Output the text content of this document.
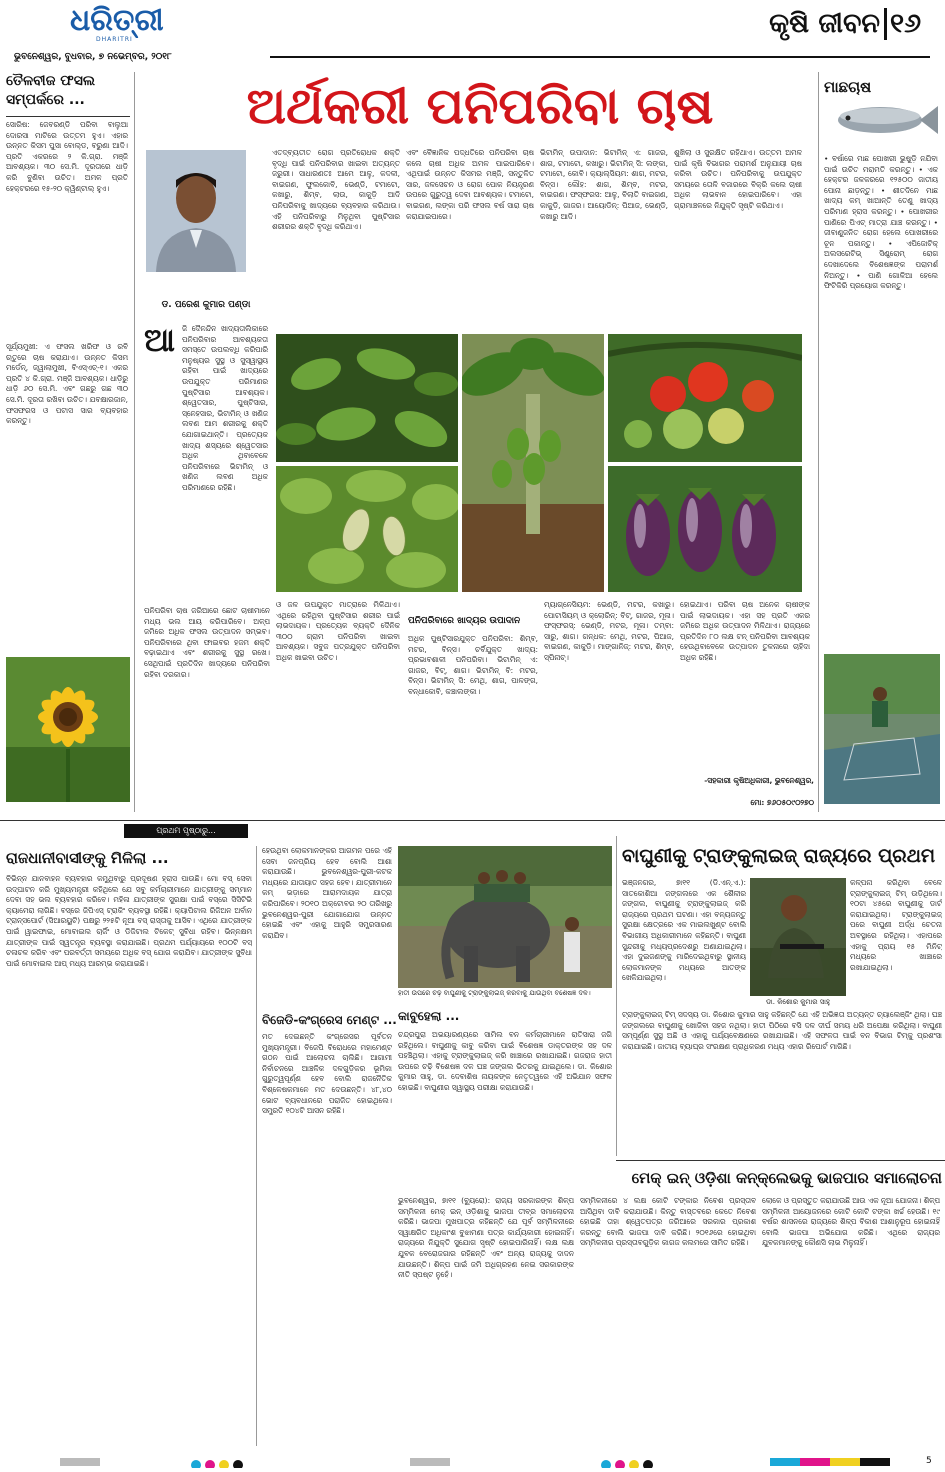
ଧରିତ୍ରୀ
DHARITRI
କୃଷି ଜୀବନ ୧୬
ଭୁବନେଶ୍ୱର, ବୁଧବାର, ୭ ନଭେମ୍ବର, ୨୦୧୮
ତୈଳବୀଜ ଫସଲ
ସମ୍ପର୍କରେ ...
ସୋରିଷ: ଜେବରଣ୍ଡି ପରିବା ବାଲୁଆ ଦୋରସା ମାଟିରେ ଉତ୍ତମ ହୁଏ। ଏହାର ଉନ୍ନତ କିସମ ପୁସା ବୋଲ୍ଡ, ବରୁଣା ଆଦି। ପ୍ରତି ଏକରରେ ୨ କି.ଗ୍ରା. ମଞ୍ଜି ଆବଶ୍ୟକ। ୩୦ ସେ.ମି. ଦୂରତାରେ ଧାଡ଼ି କରି ବୁଣିବା ଉଚିତ। ଅମଳ ପ୍ରତି ହେକ୍ଟରରେ ୧୫-୨୦ କ୍ୱିଣ୍ଟାଲ୍ ହୁଏ।
ସୂର୍ଯ୍ୟମୁଖୀ: ଏ ଫସଲ ଖରିଫ ଓ ରବି ଋତୁରେ ଚାଷ କରାଯାଏ। ଉନ୍ନତ କିସମ ମର୍ଡେନ୍, ଜ୍ୱାଲାମୁଖୀ, ବିଏସ୍‌ଏଚ୍-୧। ଏକର ପ୍ରତି ୪ କି.ଗ୍ରା. ମଞ୍ଜି ଆବଶ୍ୟକ। ଧାଡ଼ିରୁ ଧାଡ଼ି ୬୦ ସେ.ମି. ଏବଂ ଗଛରୁ ଗଛ ୩୦ ସେ.ମି. ଦୂରତା ରଖିବା ଉଚିତ। ଯବକ୍ଷାରଜାନ, ଫସଫରସ ଓ ପଟାସ ସାର ବ୍ୟବହାର କରନ୍ତୁ।
ଅର୍ଥକରୀ ପନିପରିବା ଚାଷ
ଡ. ପରେଶ କୁମାର ପଣ୍ଡା
ଏତଦ୍ବ୍ୟତୀତ ରୋଗ ପ୍ରତିରୋଧକ ଶକ୍ତି ବୃଦ୍ଧି ପାଇଁ ପନିପରିବାର ଖାଇବା ଅତ୍ୟନ୍ତ ଜରୁରୀ। ସାଧାରଣତଃ ଆମେ ଆଳୁ, କଦଳୀ, ବାଇଗଣ, ଫୁଲକୋବି, ଭେଣ୍ଡି, ଟମାଟୋ, କଖାରୁ, ଶିମ୍ବ, ଲାଉ, କାକୁଡ଼ି ଆଦି ପନିପରିବାକୁ ଖାଦ୍ୟରେ ବ୍ୟବହାର କରିଥାଉ। ଏହି ପନିପରିବାରୁ ମିଳୁଥିବା ପୁଷ୍ଟିସାର ଶରୀରର ଶକ୍ତି ବୃଦ୍ଧି କରିଥାଏ।
ଏବଂ ବୈଜ୍ଞାନିକ ପଦ୍ଧତିରେ ପନିପରିବା ଚାଷ କଲେ ଚାଷୀ ଅଧିକ ଅମଳ ପାଇପାରିବେ। ଏଥିପାଇଁ ଉନ୍ନତ କିସମର ମଞ୍ଜି, ସନ୍ତୁଳିତ ସାର, ଜଳସେଚନ ଓ ରୋଗ ପୋକ ନିୟନ୍ତ୍ରଣ ଉପରେ ଗୁରୁତ୍ୱ ଦେବା ଆବଶ୍ୟକ। ଟମାଟୋ, ବାଇଗଣ, ଲଙ୍କା ପରି ଫସଲ ବର୍ଷ ସାରା ଚାଷ କରାଯାଇପାରେ।
ଭିଟାମିନ୍ ଉପାଦାନ: ଭିଟାମିନ୍ ଏ: ଗାଜର, ଶାଗ, ଟମାଟୋ, କଖାରୁ। ଭିଟାମିନ୍ ସି: ଲଙ୍କା, ଟମାଟୋ, କୋବି। କ୍ୟାଲ୍‌ସିୟମ: ଶାଗ, ମଟର, ବିନ୍ସ। ଲୌହ: ଶାଗ, ଶିମ୍ବ, ମଟର, ବାଇଗଣ। ଫସ୍‌ଫରସ: ଆଳୁ, ବିଲାତି ବାଇଗଣ, କାକୁଡ଼ି, ଗାଜର। ଆୟୋଡିନ୍: ପିଆଜ, ଭେଣ୍ଡି, କଖାରୁ ଆଦି।
ଶୁଖିଲା ଓ ସୁରକ୍ଷିତ ରହିଥାଏ। ଉତ୍ତମ ଅମଳ ପାଇଁ କୃଷି ବିଭାଗର ପରାମର୍ଶ ଅନୁଯାୟୀ ଚାଷ କରିବା ଉଚିତ। ପନିପରିବାକୁ ଉପଯୁକ୍ତ ସମୟରେ ତୋଳି ବଜାରରେ ବିକ୍ରି କଲେ ଚାଷୀ ଅଧିକ ଲାଭବାନ ହୋଇପାରିବେ। ଏହା ଗ୍ରାମାଞ୍ଚଳରେ ନିଯୁକ୍ତି ସୃଷ୍ଟି କରିଥାଏ।
ଆ ଜି ଦୈନନ୍ଦିନ ଖାଦ୍ୟତାଲିକାରେ ପନିପରିବାର ଆବଶ୍ୟକତା ସମସ୍ତେ ଉପଲବ୍ଧି କରିପାରି ମନୁଷ୍ୟର ସୁସ୍ଥ ଓ ସୁସ୍ୱାସ୍ଥ୍ୟ ରହିବା ପାଇଁ ଖାଦ୍ୟରେ ଉପଯୁକ୍ତ ପରିମାଣର ପୁଷ୍ଟିସାର ଆବଶ୍ୟକ। ଶ୍ୱେତସାର, ପୁଷ୍ଟିସାର, ସ୍ନେହସାର, ଭିଟାମିନ୍ ଓ ଖଣିଜ ଲବଣ ଆମ ଶରୀରକୁ ଶକ୍ତି ଯୋଗାଇଥାନ୍ତି। ପ୍ରତ୍ୟେକ ଖାଦ୍ୟ ଶସ୍ୟରେ ଶ୍ୱେତସାର ଅଧିକ ଥିବାବେଳେ ପନିପରିବାରେ ଭିଟାମିନ୍ ଓ ଖଣିଜ ଲବଣ ଅଧିକ ପରିମାଣରେ ରହିଛି।
ପନିପରିବା ଚାଷ ଜରିଆରେ ଛୋଟ ଚାଷୀମାନେ ମଧ୍ୟ ଭଲ ଆୟ କରିପାରିବେ। ଅଳ୍ପ ଜମିରେ ଅଧିକ ଫସଲ ଉତ୍ପାଦନ ସମ୍ଭବ। ପନିପରିବାରେ ଥିବା ଫାଇବର ହଜମ ଶକ୍ତି ବଢ଼ାଇଥାଏ ଏବଂ ଶରୀରକୁ ସୁସ୍ଥ ରଖେ। ସେଥିପାଇଁ ପ୍ରତିଦିନ ଖାଦ୍ୟରେ ପନିପରିବା ରହିବା ଦରକାର।
ଓ ଜଳ ଉପଯୁକ୍ତ ମାତ୍ରାରେ ମିଳିଥାଏ। ଏଥିରେ ରହିଥିବା ପୁଷ୍ଟିସାର ଶରୀର ପାଇଁ ଲାଭଦାୟକ। ପ୍ରତ୍ୟେକ ବ୍ୟକ୍ତି ଦୈନିକ ୩୦୦ ଗ୍ରାମ ପନିପରିବା ଖାଇବା ଆବଶ୍ୟକ। ସବୁଜ ପତ୍ରଯୁକ୍ତ ପନିପରିବା ଅଧିକ ଖାଇବା ଉଚିତ।
ପନିପରିବାରେ ଖାଦ୍ୟର ଉପାଦାନ
ଅଧିକ ପୁଷ୍ଟିସାରଯୁକ୍ତ ପନିପରିବା: ଶିମ୍ବ, ମଟର, ବିନ୍ସ। ଚର୍ବିଯୁକ୍ତ ଖାଦ୍ୟ: ପ୍ରଭାବଶାଳୀ ପନିପରିବା। ଭିଟାମିନ୍ ଏ: ଗାଜର, ବିଟ୍, ଶାଗ। ଭିଟାମିନ୍ ବି: ମଟର, ବିନ୍ସ। ଭିଟାମିନ୍ ସି: ମେଥି, ଶାଗ, ପାଳଙ୍ଗ, ବନ୍ଧାକୋବି, କଞ୍ଚାଲଙ୍କା।
ମ୍ୟାଗ୍ନେସିୟମ: ଭେଣ୍ଡି, ମଟର, କଖାରୁ। ପୋଟାସିୟମ୍ ଓ କ୍ଲୋରିନ୍: ବିଟ୍, ଗାଜର, ମୂଳା। ଫସ୍‌ଫରସ୍: ଭେଣ୍ଡି, ମଟର, ମୂଳା। ତମ୍ବା: ସାରୁ, ଶାଗ। ଗନ୍ଧକ: ମେଥି, ମଟର, ପିଆଜ, ବାଇଗଣ, କାକୁଡ଼ି। ମାଙ୍ଗାନିଜ୍: ମଟର, ଶିମ୍ବ, ସ୍ପିନାଚ୍।
ହୋଇଥାଏ। ପରିବା ଚାଷ ଅନେକ ଚାଷୀଙ୍କ ପାଇଁ ଲାଭଦାୟକ। ଏହା ସହ ପ୍ରତି ଏକର ଜମିରେ ଅଧିକ ଉତ୍ପାଦନ ମିଳିଥାଏ। ରାଜ୍ୟରେ ପ୍ରତିଦିନ ୮୦ ଲକ୍ଷ ଟନ୍ ପନିପରିବା ଆବଶ୍ୟକ ହେଉଥିବାବେଳେ ଉତ୍ପାଦନ ତୁଳନାରେ ଚାହିଦା ଅଧିକ ରହିଛି।
-ସହକାରୀ କୃଷିଅଧିକାରୀ, ଭୁବନେଶ୍ୱର,
ମୋ: ୭୬୦୫୦୯୦୨୭୦
ମାଛଚାଷ
• ବର୍ଷାରେ ମାଛ ପୋଖରୀ ଭୁଷୁଡ଼ି ନଯିବା ପାଇଁ ଉଚିତ ମରାମତି କରନ୍ତୁ। • ଏକ ହେକ୍ଟର ଜଳକରରେ ୧୨୫୦୦ ଜାତୀୟ ପୋନା ଛାଡ଼ନ୍ତୁ। • ଶୀତଦିନେ ମାଛ ଖାଦ୍ୟ କମ୍ ଖାଆନ୍ତି ତେଣୁ ଖାଦ୍ୟ ପରିମାଣ ହ୍ରାସ କରନ୍ତୁ। • ପୋଖରୀର ପାଣିରେ ପିଏଚ୍ ମାତ୍ରା ଯାଞ୍ଚ କରନ୍ତୁ। • ଜୀବାଣୁଜନିତ ରୋଗ ହେଲେ ପୋଖରୀରେ ଚୂନ ପକାନ୍ତୁ। • ଏପିଜୋଟିକ୍ ଅଲସରେଟିଭ୍ ସିଣ୍ଡ୍ରୋମ୍ ରୋଗ ଦେଖାଦେଲେ ବିଶେଷଜ୍ଞଙ୍କ ପରାମର୍ଶ ନିଅନ୍ତୁ। • ପାଣି ଗୋଳିଆ ହେଲେ ଫିଟିକିରି ପ୍ରୟୋଗ କରନ୍ତୁ।
ପ୍ରଥମ ପୃଷ୍ଠାରୁ...
ରାଜଧାନୀବାସୀଙ୍କୁ ମିଳିଲା ...
ବିଭିନ୍ନ ଯାନବାହନ ବ୍ୟବହାର କମୁଥିବାରୁ ପ୍ରଦୂଷଣ ହ୍ରାସ ପାଉଛି। ମୋ ବସ୍ ସେବା ଉଦ୍‌ଘାଟନ କରି ମୁଖ୍ୟମନ୍ତ୍ରୀ କହିଥିଲେ ଯେ ସବୁ କର୍ମଚାରୀମାନେ ଯାତ୍ରୀଙ୍କୁ ସମ୍ମାନ ଦେବା ସହ ଭଲ ବ୍ୟବହାର କରିବେ। ମହିଳା ଯାତ୍ରୀଙ୍କ ସୁରକ୍ଷା ପାଇଁ ବସ୍‌ରେ ସିସିଟିଭି କ୍ୟାମେରା ଲାଗିଛି। ବସ୍‌ରେ ଜିପିଏସ୍ ଟ୍ରାକିଂ ବ୍ୟବସ୍ଥା ରହିଛି। କ୍ୟାପିଟାଲ ରିଜିଅନ ଅର୍ବାନ ଟ୍ରାନ୍ସପୋର୍ଟ (ସିଆରୟୁଟି) ପକ୍ଷରୁ ୨୨୫ଟି ନୂଆ ବସ୍ ରାସ୍ତାକୁ ଆସିବ। ଏଥିରେ ଯାତ୍ରୀଙ୍କ ପାଇଁ ୱାଇଫାଇ, ମୋବାଇଲ ଚାର୍ଜିଂ ଓ ଡିଜିଟାଲ ଟିକେଟ୍ ସୁବିଧା ରହିବ। ଭିନ୍ନକ୍ଷମ ଯାତ୍ରୀଙ୍କ ପାଇଁ ସ୍ୱତନ୍ତ୍ର ବ୍ୟବସ୍ଥା କରାଯାଇଛି। ପ୍ରଥମ ପର୍ଯ୍ୟାୟରେ ୧୦୦ଟି ବସ୍ ଚଳାଚଳ କରିବ ଏବଂ ପରବର୍ତ୍ତୀ ସମୟରେ ଅଧିକ ବସ୍ ଯୋଗ କରାଯିବ। ଯାତ୍ରୀଙ୍କ ସୁବିଧା ପାଇଁ ମୋବାଇଲ ଆପ୍ ମଧ୍ୟ ଆରମ୍ଭ କରାଯାଇଛି।
ହେଉଥିବା ଲୋକମାନଙ୍କର ଆଗମନ ପରେ ଏହି ସେବା ଜନପ୍ରିୟ ହେବ ବୋଲି ଆଶା କରାଯାଉଛି। ଭୁବନେଶ୍ୱର-ପୁରୀ-କଟକ ମଧ୍ୟରେ ଯାତାୟାତ ସହଜ ହେବ। ଯାତ୍ରୀମାନେ କମ୍ ଭଡ଼ାରେ ଆରାମଦାୟକ ଯାତ୍ରା କରିପାରିବେ। ୨୦୧୦ ଅକ୍ଟୋବର ୨୦ ତାରିଖରୁ ଭୁବନେଶ୍ୱର-ପୁରୀ ଯୋଗାଯୋଗ ଉନ୍ନତ ହୋଇଛି ଏବଂ ଏହାକୁ ଆହୁରି ସମ୍ପ୍ରସାରଣ କରାଯିବ।
ବିଜେଡି-କଂଗ୍ରେସ ମେଣ୍ଟ ...
ମତ ଦେଇଛନ୍ତି କଂଗ୍ରେସର ପୂର୍ବତନ ମୁଖ୍ୟମନ୍ତ୍ରୀ। ବିଜେପି ବିରୋଧରେ ମହାମେଣ୍ଟ ଗଠନ ପାଇଁ ଆଲୋଚନା ଚାଲିଛି। ଆଗାମୀ ନିର୍ବାଚନରେ ଆଞ୍ଚଳିକ ଦଳଗୁଡ଼ିକର ଭୂମିକା ଗୁରୁତ୍ୱପୂର୍ଣ୍ଣ ହେବ ବୋଲି ରାଜନୈତିକ ବିଶ୍ଳେଷକମାନେ ମତ ଦେଉଛନ୍ତି। ୪୮,୪୦ ଭୋଟ ବ୍ୟବଧାନରେ ପରାଜିତ ହୋଇଥିଲେ। ସମ୍ପ୍ରତି ୧୦୪ଟି ଆସନ ରହିଛି।
ହାତୀ ଉପରେ ଚଢ଼ି ବାଘୁଣୀକୁ ଟ୍ରାଙ୍କୁଲାଇଜ୍ କରିବାକୁ ଯାଉଥିବା ବିଶେଷଜ୍ଞ ଦଳ।
କାବୁହେଲା ...
ଚନ୍ଦ୍ରପୁରା ଅଭୟାରଣ୍ୟରେ ସାମିଲ ବନ କର୍ମଚାରୀମାନେ ରାତିସାରା ଜଗି ରହିଥିଲେ। ବାଘୁଣୀକୁ କାବୁ କରିବା ପାଇଁ ବିଶେଷଜ୍ଞ ଡାକ୍ତରଙ୍କ ସହ ଦଳ ପହଞ୍ଚିଥିଲା। ଏହାକୁ ଟ୍ରାଙ୍କୁଲାଇଜ୍ କରି ଖାଞ୍ଚାରେ ରଖାଯାଇଛି। ଗଜରାଜ ହାତୀ ଉପରେ ଚଢ଼ି ବିଶେଷଜ୍ଞ ଦଳ ଘଞ୍ଚ ଜଙ୍ଗଲ ଭିତରକୁ ଯାଇଥିଲେ। ଡା. କିଶୋର କୁମାର ସାହୁ, ଡା. ଦେବାଶିଷ ନାୟକଙ୍କ ନେତୃତ୍ୱରେ ଏହି ଅଭିଯାନ ସଫଳ ହୋଇଛି। ବାଘୁଣୀର ସ୍ୱାସ୍ଥ୍ୟ ପରୀକ୍ଷା କରାଯାଉଛି।
ବାଘୁଣୀକୁ ଟ୍ରାଙ୍କୁଲାଇଜ୍ ରାଜ୍ୟରେ ପ୍ରଥମ
ଭଞ୍ଜନଗର, ୭ା୧୧ (ଡି.ଏନ୍.ଏ.): ସାତକୋଶିଆ ଜଙ୍ଗଲରେ ଏକ ଶୈଳୀର ଜଙ୍ଗଲ, ବାଘୁଣୀକୁ ଟ୍ରାଙ୍କୁଲାଇଜ୍ କରି ରାଜ୍ୟରେ ପ୍ରଥମ ଘଟଣା। ଏହା ବନ୍ୟଜନ୍ତୁ ସୁରକ୍ଷା କ୍ଷେତ୍ରରେ ଏକ ମାଇଲଖୁଣ୍ଟ ବୋଲି ବିଭାଗୀୟ ଅଧିକାରୀମାନେ କହିଛନ୍ତି। ବାଘୁଣୀ ସୁନ୍ଦରୀକୁ ମଧ୍ୟପ୍ରଦେଶରୁ ଅଣାଯାଇଥିଲା। ଏହା ଦୁଇଜଣଙ୍କୁ ମାରିଦେଇଥିବାରୁ ସ୍ଥାନୀୟ ଲୋକମାନଙ୍କ ମଧ୍ୟରେ ଆତଙ୍କ ଖେଳିଯାଇଥିଲା।
ଡା. କିଶୋର କୁମାର ସାହୁ
କଳ୍ପନା କରିଥିବା ବେଳେ ଟ୍ରାଙ୍କୁଲାଇଜ୍ ଟିମ୍ ଉଡ଼ିଥିଲେ। ୧୦ଟା ୪୫ରେ ବାଘୁଣୀକୁ ଡାର୍ଟ କରାଯାଇଥିଲା। ଟ୍ରାଙ୍କୁଲାଇଜ୍ ପରେ ବାଘୁଣୀ ଅର୍ଦ୍ଧ ଚେତନା ଅବସ୍ଥାରେ ରହିଥିଲା। ଏହାପରେ ଏହାକୁ ପ୍ରାୟ ୧୫ ମିନିଟ୍ ମଧ୍ୟରେ ଖାଞ୍ଚାରେ ରଖାଯାଇଥିଲା।
ଟ୍ରାଙ୍କୁଲାଇଜ୍ ଟିମ୍ ସଦସ୍ୟ ଡା. କିଶୋର କୁମାର ସାହୁ କହିଛନ୍ତି ଯେ ଏହି ଅଭିଜ୍ଞତା ଅତ୍ୟନ୍ତ ଚ୍ୟାଲେଞ୍ଜିଂ ଥିଲା। ଘଞ୍ଚ ଜଙ୍ଗଲରେ ବାଘୁଣୀକୁ ଖୋଜିବା ସହଜ ନଥିଲା। ହାତୀ ପିଠିରେ ବସି ଦଳ ଦୀର୍ଘ ସମୟ ଧରି ଅପେକ୍ଷା କରିଥିଲା। ବାଘୁଣୀ ସମ୍ପୂର୍ଣ୍ଣ ସୁସ୍ଥ ଅଛି ଓ ଏହାକୁ ପର୍ଯ୍ୟବେକ୍ଷଣରେ ରଖାଯାଇଛି। ଏହି ସଫଳତା ପାଇଁ ବନ ବିଭାଗ ଟିମ୍‌କୁ ପ୍ରଶଂସା କରାଯାଇଛି। ଜାତୀୟ ବ୍ୟାଘ୍ର ସଂରକ୍ଷଣ ପ୍ରାଧିକରଣ ମଧ୍ୟ ଏହାର ରିପୋର୍ଟ ମାଗିଛି।
ମେକ୍ ଇନ୍ ଓଡ଼ିଶା କନ୍‌କ୍ଲେଭକୁ ଭାଜପାର ସମାଲୋଚନା
ଭୁବନେଶ୍ୱର, ୭ା୧୧ (ବ୍ୟୁରୋ): ରାଜ୍ୟ ସରକାରଙ୍କ ଶିଳ୍ପ ସମ୍ମିଳନୀ ମେକ୍ ଇନ୍ ଓଡ଼ିଶାକୁ ଭାଜପା ତୀବ୍ର ସମାଲୋଚନା କରିଛି। ଭାଜପା ମୁଖପାତ୍ର କହିଛନ୍ତି ଯେ ପୂର୍ବ ସମ୍ମିଳନୀରେ ସ୍ୱାକ୍ଷରିତ ଅଧିକାଂଶ ବୁଝାମଣା ପତ୍ର କାର୍ଯ୍ୟକାରୀ ହୋଇନାହିଁ। ରାଜ୍ୟରେ ନିଯୁକ୍ତି ସୁଯୋଗ ସୃଷ୍ଟି ହୋଇପାରିନାହିଁ। ଲକ୍ଷ ଲକ୍ଷ ଯୁବକ ବେରୋଜଗାର ରହିଛନ୍ତି ଏବଂ ଅନ୍ୟ ରାଜ୍ୟକୁ ଦାଦନ ଯାଉଛନ୍ତି। ଶିଳ୍ପ ପାଇଁ ଜମି ଅଧିଗ୍ରହଣ ନେଇ ସରକାରଙ୍କ ନୀତି ସ୍ପଷ୍ଟ ନୁହେଁ।
ସମ୍ମିଳନୀରେ ୪ ଲକ୍ଷ କୋଟି ଟଙ୍କାର ନିବେଶ ପ୍ରସ୍ତାବ ଆସିଥିବା ଦାବି କରାଯାଉଛି। କିନ୍ତୁ ବାସ୍ତବରେ କେତେ ନିବେଶ ହୋଇଛି ତାହା ଶ୍ୱେତପତ୍ର ଜରିଆରେ ସରକାର ପ୍ରକାଶ କରନ୍ତୁ ବୋଲି ଭାଜପା ଦାବି କରିଛି। ୨୦୧୬ରେ ହୋଇଥିବା ସମ୍ମିଳନୀର ପ୍ରସ୍ତାବଗୁଡ଼ିକ କାଗଜ କଲମରେ ସୀମିତ ରହିଛି।
ଲୋକେ ଓ ପ୍ରସ୍ତୁତ କରାଯାଉଛି ଆଉ ଏକ ନୂଆ ଯୋଜନା। ଶିଳ୍ପ ସମ୍ମିଳନୀ ଆୟୋଜନରେ କୋଟି କୋଟି ଟଙ୍କା ଖର୍ଚ୍ଚ ହେଉଛି। ୧୯ ବର୍ଷର ଶାସନରେ ରାଜ୍ୟରେ ଶିଳ୍ପ ବିକାଶ ଆଶାନୁରୂପ ହୋଇନାହିଁ ବୋଲି ଭାଜପା ଅଭିଯୋଗ କରିଛି। ଏଥିରେ ରାଜ୍ୟର ଯୁବକମାନଙ୍କୁ କୌଣସି ଲାଭ ମିଳୁନାହିଁ।
5
